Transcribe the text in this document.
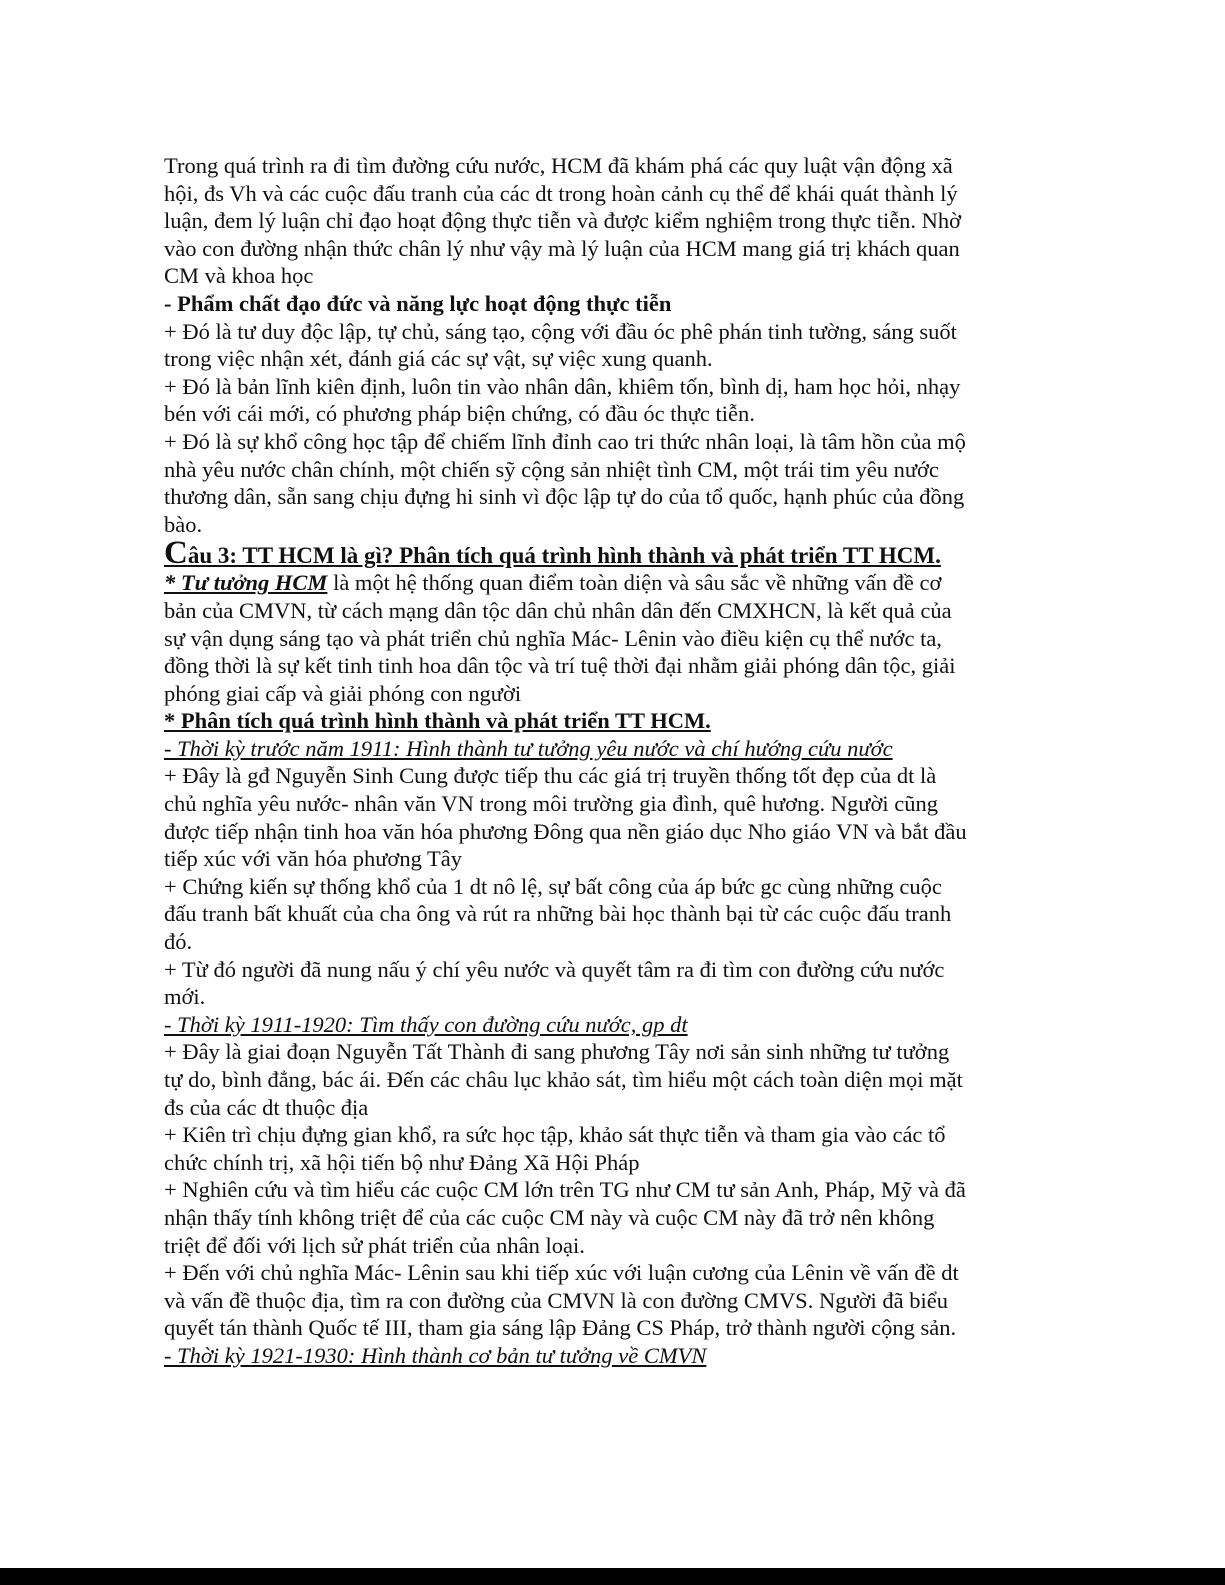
Trong quá trình ra đi tìm đường cứu nước, HCM đã khám phá các quy luật vận động xã
hội, đs Vh và các cuộc đấu tranh của các dt trong hoàn cảnh cụ thể để khái quát thành lý
luận, đem lý luận chỉ đạo hoạt động thực tiễn và được kiểm nghiệm trong thực tiễn. Nhờ
vào con đường nhận thức chân lý như vậy mà lý luận của HCM mang giá trị khách quan
CM và khoa học
- Phẩm chất đạo đức và năng lực hoạt động thực tiễn
+ Đó là tư duy độc lập, tự chủ, sáng tạo, cộng với đầu óc phê phán tinh tường, sáng suốt
trong việc nhận xét, đánh giá các sự vật, sự việc xung quanh.
+ Đó là bản lĩnh kiên định, luôn tin vào nhân dân, khiêm tốn, bình dị, ham học hỏi, nhạy
bén với cái mới, có phương pháp biện chứng, có đầu óc thực tiễn.
+ Đó là sự khổ công học tập để chiếm lĩnh đỉnh cao tri thức nhân loại, là tâm hồn của mộ
nhà yêu nước chân chính, một chiến sỹ cộng sản nhiệt tình CM, một trái tim yêu nước
thương dân, sẵn sang chịu đựng hi sinh vì độc lập tự do của tổ quốc, hạnh phúc của đồng
bào.
Câu 3: TT HCM là gì? Phân tích quá trình hình thành và phát triển TT HCM.
* Tư tưởng HCM là một hệ thống quan điểm toàn diện và sâu sắc về những vấn đề cơ
bản của CMVN, từ cách mạng dân tộc dân chủ nhân dân đến CMXHCN, là kết quả của
sự vận dụng sáng tạo và phát triển chủ nghĩa Mác- Lênin vào điều kiện cụ thể nước ta,
đồng thời là sự kết tinh tinh hoa dân tộc và trí tuệ thời đại nhằm giải phóng dân tộc, giải
phóng giai cấp và giải phóng con người
* Phân tích quá trình hình thành và phát triển TT HCM.
- Thời kỳ trước năm 1911: Hình thành tư tưởng yêu nước và chí hướng cứu nước
+ Đây là gđ Nguyễn Sinh Cung được tiếp thu các giá trị truyền thống tốt đẹp của dt là
chủ nghĩa yêu nước- nhân văn VN trong môi trường gia đình, quê hương. Người cũng
được tiếp nhận tinh hoa văn hóa phương Đông qua nền giáo dục Nho giáo VN và bắt đầu
tiếp xúc với văn hóa phương Tây
+ Chứng kiến sự thống khổ của 1 dt nô lệ, sự bất công của áp bức gc cùng những cuộc
đấu tranh bất khuất của cha ông và rút ra những bài học thành bại từ các cuộc đấu tranh
đó.
+ Từ đó người đã nung nấu ý chí yêu nước và quyết tâm ra đi tìm con đường cứu nước
mới.
- Thời kỳ 1911-1920: Tìm thấy con đường cứu nước, gp dt
+ Đây là giai đoạn Nguyễn Tất Thành đi sang phương Tây nơi sản sinh những tư tưởng
tự do, bình đẳng, bác ái. Đến các châu lục khảo sát, tìm hiểu một cách toàn diện mọi mặt
đs của các dt thuộc địa
+ Kiên trì chịu đựng gian khổ, ra sức học tập, khảo sát thực tiễn và tham gia vào các tổ
chức chính trị, xã hội tiến bộ như Đảng Xã Hội Pháp
+ Nghiên cứu và tìm hiểu các cuộc CM lớn trên TG như CM tư sản Anh, Pháp, Mỹ và đã
nhận thấy tính không triệt để của các cuộc CM này và cuộc CM này đã trở nên không
triệt để đối với lịch sử phát triển của nhân loại.
+ Đến với chủ nghĩa Mác- Lênin sau khi tiếp xúc với luận cương của Lênin về vấn đề dt
và vấn đề thuộc địa, tìm ra con đường của CMVN là con đường CMVS. Người đã biểu
quyết tán thành Quốc tế III, tham gia sáng lập Đảng CS Pháp, trở thành người cộng sản.
- Thời kỳ 1921-1930: Hình thành cơ bản tư tưởng về CMVN
